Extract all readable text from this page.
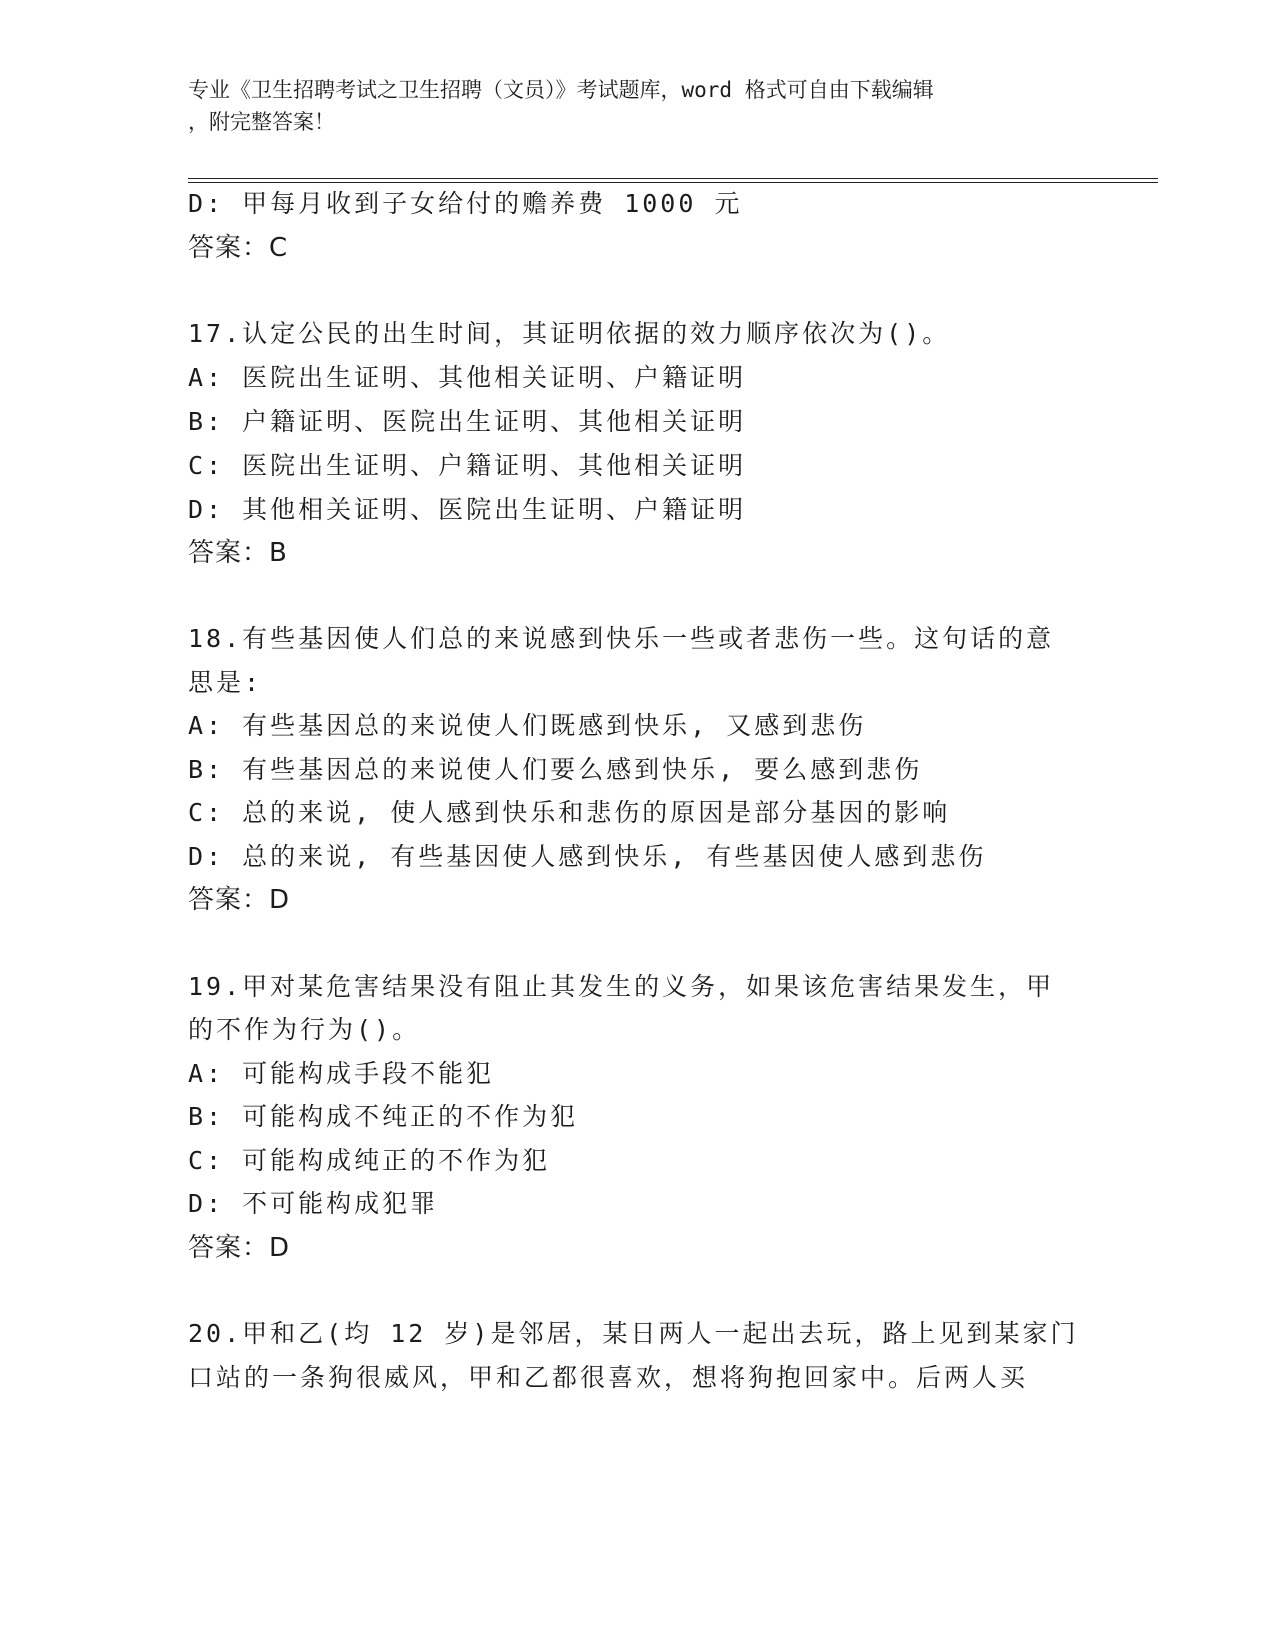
专业《卫生招聘考试之卫生招聘（文员）》考试题库，word 格式可自由下载编辑
，附完整答案！
D: 甲每月收到子女给付的赡养费 1000 元
答案：C
17.认定公民的出生时间，其证明依据的效力顺序依次为()。
A: 医院出生证明、其他相关证明、户籍证明
B: 户籍证明、医院出生证明、其他相关证明
C: 医院出生证明、户籍证明、其他相关证明
D: 其他相关证明、医院出生证明、户籍证明
答案：B
18.有些基因使人们总的来说感到快乐一些或者悲伤一些。这句话的意
思是:
A: 有些基因总的来说使人们既感到快乐, 又感到悲伤
B: 有些基因总的来说使人们要么感到快乐, 要么感到悲伤
C: 总的来说, 使人感到快乐和悲伤的原因是部分基因的影响
D: 总的来说, 有些基因使人感到快乐, 有些基因使人感到悲伤
答案：D
19.甲对某危害结果没有阻止其发生的义务，如果该危害结果发生，甲
的不作为行为()。
A: 可能构成手段不能犯
B: 可能构成不纯正的不作为犯
C: 可能构成纯正的不作为犯
D: 不可能构成犯罪
答案：D
20.甲和乙(均 12 岁)是邻居，某日两人一起出去玩，路上见到某家门
口站的一条狗很威风，甲和乙都很喜欢，想将狗抱回家中。后两人买
